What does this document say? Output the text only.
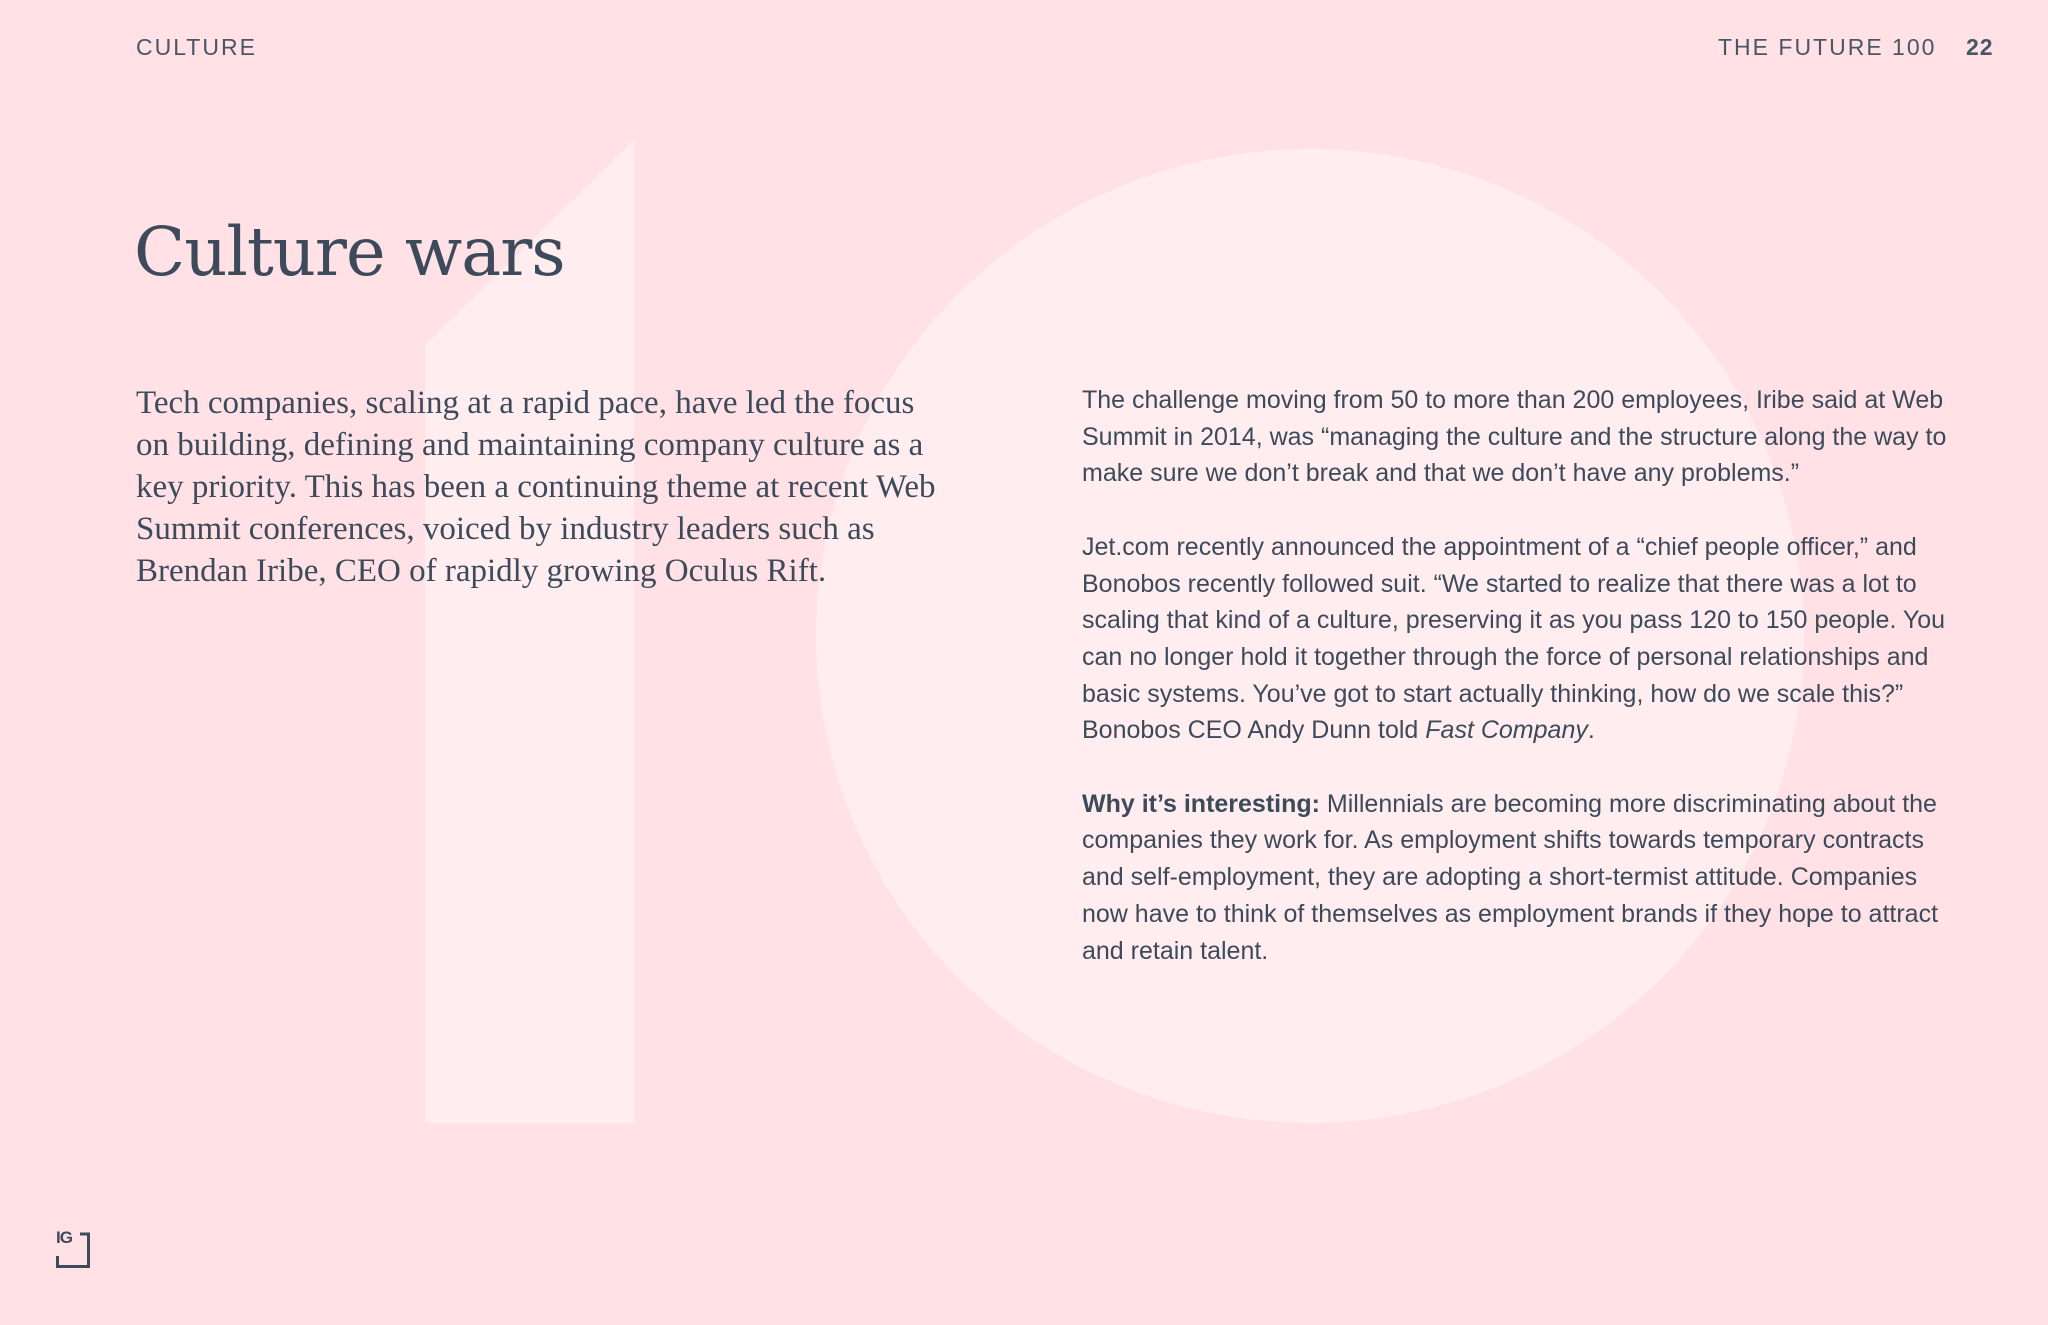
CULTURE	THE FUTURE 100 22
Culture wars

Tech companies, scaling at a rapid pace, have led the focus on building, defining and maintaining company culture as a key priority. This has been a continuing theme at recent Web Summit conferences, voiced by industry leaders such as Brendan Iribe, CEO of rapidly growing Oculus Rift.

The challenge moving from 50 to more than 200 employees, Iribe said at Web Summit in 2014, was “managing the culture and the structure along the way to make sure we don’t break and that we don’t have any problems.”

Jet.com recently announced the appointment of a “chief people officer,” and Bonobos recently followed suit. “We started to realize that there was a lot to scaling that kind of a culture, preserving it as you pass 120 to 150 people. You can no longer hold it together through the force of personal relationships and basic systems. You’ve got to start actually thinking, how do we scale this?” Bonobos CEO Andy Dunn told Fast Company.

Why it’s interesting: Millennials are becoming more discriminating about the companies they work for. As employment shifts towards temporary contracts and self-employment, they are adopting a short-termist attitude. Companies now have to think of themselves as employment brands if they hope to attract and retain talent.

IG
